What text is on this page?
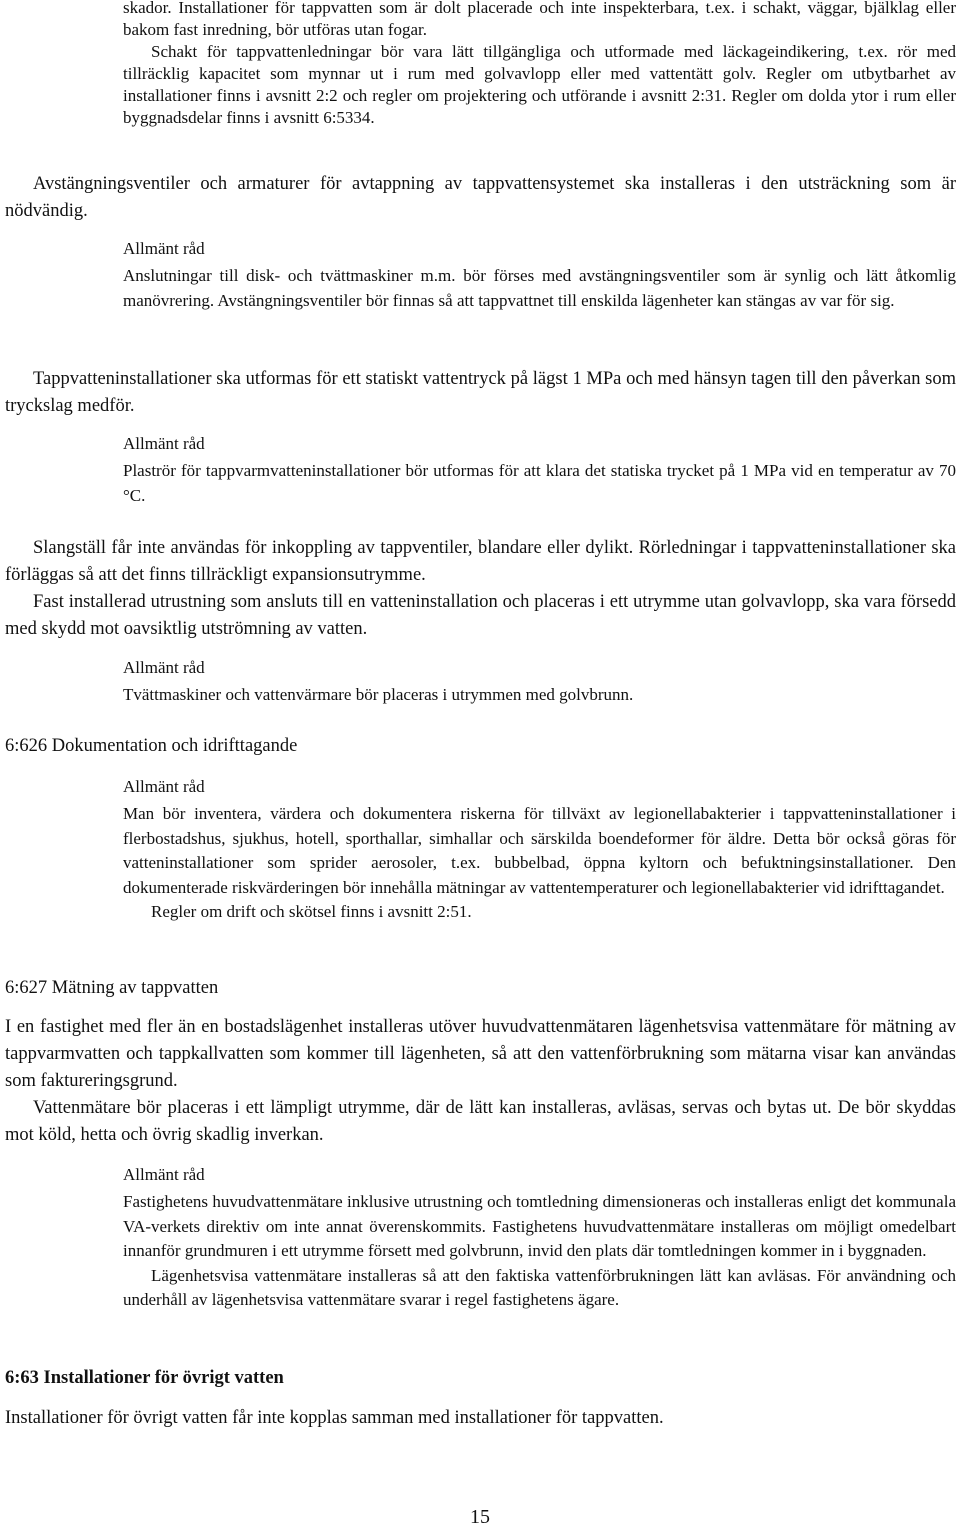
skador. Installationer för tappvatten som är dolt placerade och inte inspekterbara, t.ex. i schakt, väggar, bjälklag eller bakom fast inredning, bör utföras utan fogar.

Schakt för tappvattenledningar bör vara lätt tillgängliga och utformade med läckageindikering, t.ex. rör med tillräcklig kapacitet som mynnar ut i rum med golvavlopp eller med vattentätt golv. Regler om utbytbarhet av installationer finns i avsnitt 2:2 och regler om projektering och utförande i avsnitt 2:31. Regler om dolda ytor i rum eller byggnadsdelar finns i avsnitt 6:5334.

Avstängningsventiler och armaturer för avtappning av tappvattensystemet ska installeras i den utsträckning som är nödvändig.

Allmänt råd

Anslutningar till disk- och tvättmaskiner m.m. bör förses med avstängningsventiler som är synlig och lätt åtkomlig manövrering. Avstängningsventiler bör finnas så att tappvattnet till enskilda lägenheter kan stängas av var för sig.

Tappvatteninstallationer ska utformas för ett statiskt vattentryck på lägst 1 MPa och med hänsyn tagen till den påverkan som tryckslag medför.

Allmänt råd

Plaströr för tappvarmvatteninstallationer bör utformas för att klara det statiska trycket på 1 MPa vid en temperatur av 70 °C.

Slangställ får inte användas för inkoppling av tappventiler, blandare eller dylikt. Rörledningar i tappvatteninstallationer ska förläggas så att det finns tillräckligt expansionsutrymme.

Fast installerad utrustning som ansluts till en vatteninstallation och placeras i ett utrymme utan golvavlopp, ska vara försedd med skydd mot oavsiktlig utströmning av vatten.

Allmänt råd

Tvättmaskiner och vattenvärmare bör placeras i utrymmen med golvbrunn.

6:626 Dokumentation och idrifttagande

Allmänt råd

Man bör inventera, värdera och dokumentera riskerna för tillväxt av legionellabakterier i tappvatteninstallationer i flerbostadshus, sjukhus, hotell, sporthallar, simhallar och särskilda boendeformer för äldre. Detta bör också göras för vatteninstallationer som sprider aerosoler, t.ex. bubbelbad, öppna kyltorn och befuktningsinstallationer. Den dokumenterade riskvärderingen bör innehålla mätningar av vattentemperaturer och legionellabakterier vid idrifttagandet.

Regler om drift och skötsel finns i avsnitt 2:51.

6:627 Mätning av tappvatten

I en fastighet med fler än en bostadslägenhet installeras utöver huvudvattenmätaren lägenhetsvisa vattenmätare för mätning av tappvarmvatten och tappkallvatten som kommer till lägenheten, så att den vattenförbrukning som mätarna visar kan användas som faktureringsgrund.

Vattenmätare bör placeras i ett lämpligt utrymme, där de lätt kan installeras, avläsas, servas och bytas ut. De bör skyddas mot köld, hetta och övrig skadlig inverkan.

Allmänt råd

Fastighetens huvudvattenmätare inklusive utrustning och tomtledning dimensioneras och installeras enligt det kommunala VA-verkets direktiv om inte annat överenskommits. Fastighetens huvudvattenmätare installeras om möjligt omedelbart innanför grundmuren i ett utrymme försett med golvbrunn, invid den plats där tomtledningen kommer in i byggnaden.

Lägenhetsvisa vattenmätare installeras så att den faktiska vattenförbrukningen lätt kan avläsas. För användning och underhåll av lägenhetsvisa vattenmätare svarar i regel fastighetens ägare.

6:63 Installationer för övrigt vatten

Installationer för övrigt vatten får inte kopplas samman med installationer för tappvatten.

15
